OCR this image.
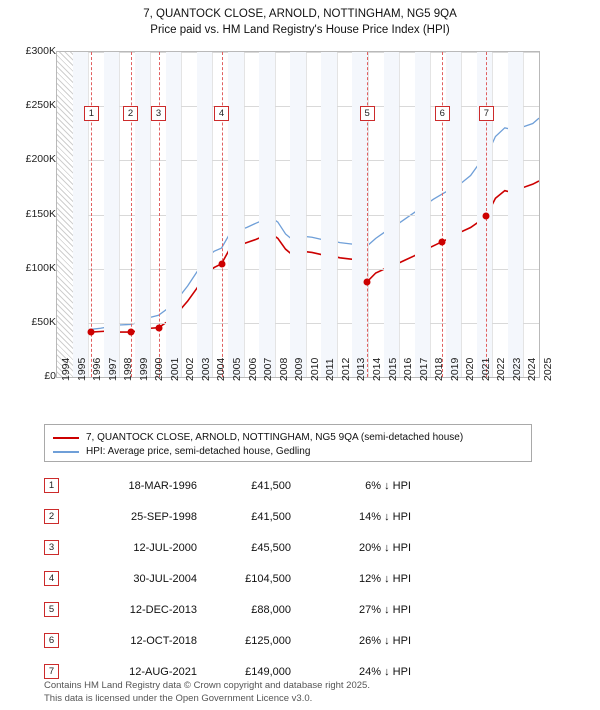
7, QUANTOCK CLOSE, ARNOLD, NOTTINGHAM, NG5 9QA
Price paid vs. HM Land Registry's House Price Index (HPI)
1	2	3	4	5	6	7
£0
£50K
£100K
£150K
£200K
£250K
£300K
1994 1995 1996 1997 1998 1999 2000 2001 2002 2003 2004 2005 2006 2007 2008 2009 2010 2011 2012 2013 2014 2015 2016 2017 2018 2019 2020 2021 2022 2023 2024 2025
7, QUANTOCK CLOSE, ARNOLD, NOTTINGHAM, NG5 9QA (semi-detached house)
HPI: Average price, semi-detached house, Gedling
1	18-MAR-1996	£41,500	6% ↓ HPI
2	25-SEP-1998	£41,500	14% ↓ HPI
3	12-JUL-2000	£45,500	20% ↓ HPI
4	30-JUL-2004	£104,500	12% ↓ HPI
5	12-DEC-2013	£88,000	27% ↓ HPI
6	12-OCT-2018	£125,000	26% ↓ HPI
7	12-AUG-2021	£149,000	24% ↓ HPI
Contains HM Land Registry data © Crown copyright and database right 2025.
This data is licensed under the Open Government Licence v3.0.
